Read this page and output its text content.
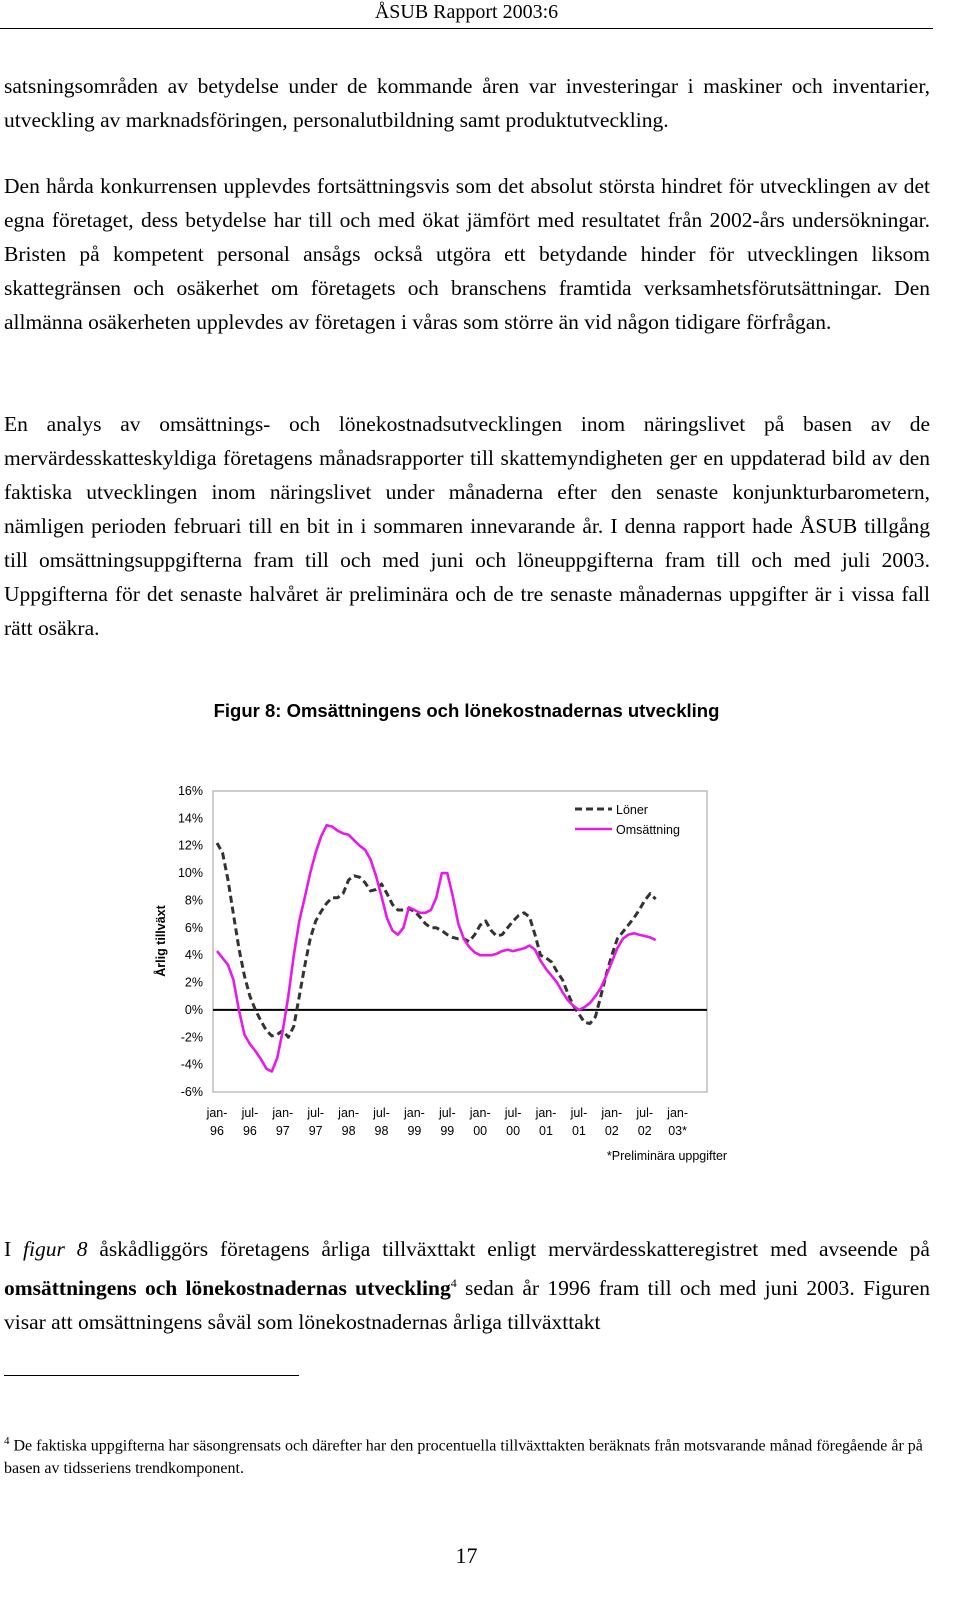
ÅSUB Rapport 2003:6

satsningsområden av betydelse under de kommande åren var investeringar i maskiner och inventarier, utveckling av marknadsföringen, personalutbildning samt produktutveckling.

Den hårda konkurrensen upplevdes fortsättningsvis som det absolut största hindret för utvecklingen av det egna företaget, dess betydelse har till och med ökat jämfört med resultatet från 2002-års undersökningar. Bristen på kompetent personal ansågs också utgöra ett betydande hinder för utvecklingen liksom skattegränsen och osäkerhet om företagets och branschens framtida verksamhetsförutsättningar. Den allmänna osäkerheten upplevdes av företagen i våras som större än vid någon tidigare förfrågan.

En analys av omsättnings- och lönekostnadsutvecklingen inom näringslivet på basen av de mervärdesskatteskyldiga företagens månadsrapporter till skattemyndigheten ger en uppdaterad bild av den faktiska utvecklingen inom näringslivet under månaderna efter den senaste konjunkturbarometern, nämligen perioden februari till en bit in i sommaren innevarande år. I denna rapport hade ÅSUB tillgång till omsättningsuppgifterna fram till och med juni och löneuppgifterna fram till och med juli 2003. Uppgifterna för det senaste halvåret är preliminära och de tre senaste månadernas uppgifter är i vissa fall rätt osäkra.

Figur 8: Omsättningens och lönekostnadernas utveckling
16%
14%
12%
10%
8%
6%
4%
2%
0%
-2%
-4%
-6%
jan-
96
jul-
96
jan-
97
jul-
97
jan-
98
jul-
98
jan-
99
jul-
99
jan-
00
jul-
00
jan-
01
jul-
01
jan-
02
jul-
02
jan-
03*
Årlig tillväxt
Löner
Omsättning
*Preliminära uppgifter

I figur 8 åskådliggörs företagens årliga tillväxttakt enligt mervärdesskatteregistret med avseende på omsättningens och lönekostnadernas utveckling$^4$ sedan år 1996 fram till och med juni 2003. Figuren visar att omsättningens såväl som lönekostnadernas årliga tillväxttakt

$^4$ De faktiska uppgifterna har säsongrensats och därefter har den procentuella tillväxttakten beräknats från motsvarande månad föregående år på basen av tidsseriens trendkomponent.

17
